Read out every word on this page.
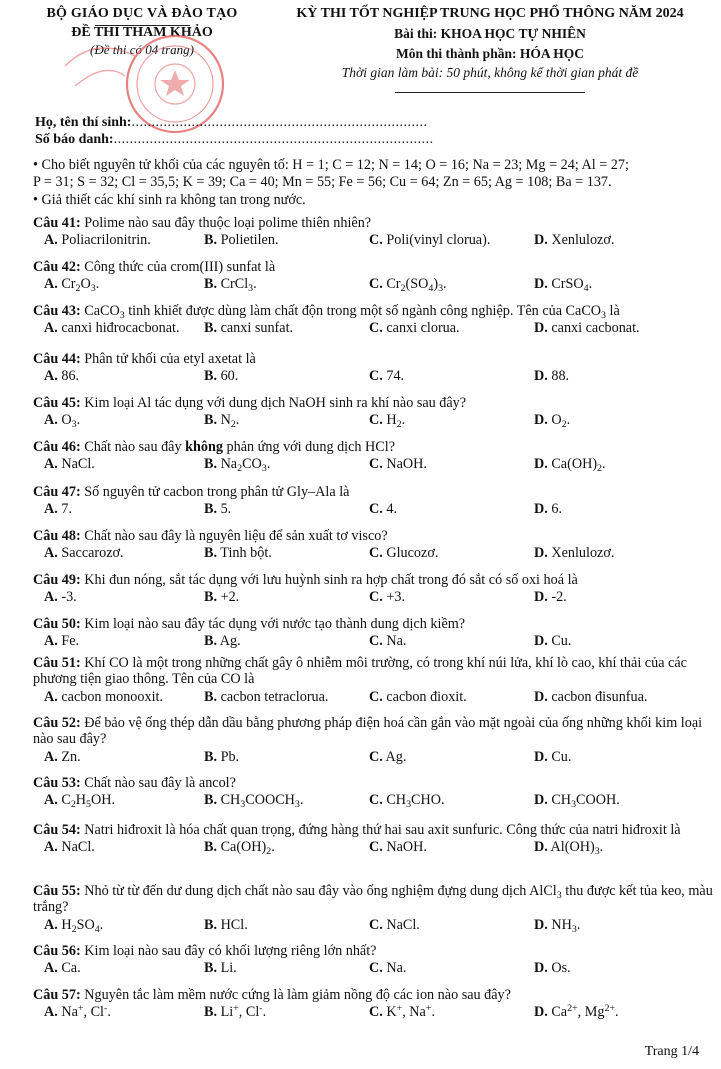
BỘ GIÁO DỤC VÀ ĐÀO TẠO
ĐỀ THI THAM KHẢO
(Đề thi có 04 trang)
KỲ THI TỐT NGHIỆP TRUNG HỌC PHỔ THÔNG NĂM 2024
Bài thi: KHOA HỌC TỰ NHIÊN
Môn thi thành phần: HÓA HỌC
Thời gian làm bài: 50 phút, không kể thời gian phát đề
Họ, tên thí sinh:..........................................................................
Số báo danh:................................................................................
• Cho biết nguyên tử khối của các nguyên tố: H = 1; C = 12; N = 14; O = 16; Na = 23; Mg = 24; Al = 27;
P = 31; S = 32; Cl = 35,5; K = 39; Ca = 40; Mn = 55; Fe = 56; Cu = 64; Zn = 65; Ag = 108; Ba = 137.
• Giả thiết các khí sinh ra không tan trong nước.
Câu 41: Polime nào sau đây thuộc loại polime thiên nhiên?
A. Poliacrilonitrin.	B. Polietilen.	C. Poli(vinyl clorua).	D. Xenlulozơ.
Câu 42: Công thức của crom(III) sunfat là
A. $Cr_2O_3$.	B. CrCl$_3$.	C. $Cr_2(SO_4)_3$.	D. CrSO$_4$.
Câu 43: CaCO$_3$ tinh khiết được dùng làm chất độn trong một số ngành công nghiệp. Tên của CaCO$_3$ là
A. canxi hiđrocacbonat. B. canxi sunfat.	C. canxi clorua.	D. canxi cacbonat.
Câu 44: Phân tử khối của etyl axetat là
A. 86.	B. 60.	C. 74.	D. 88.
Câu 45: Kim loại Al tác dụng với dung dịch NaOH sinh ra khí nào sau đây?
A. $O_3$.	B. $N_2$.	C. $H_2$.	D. $O_2$.
Câu 46: Chất nào sau đây không phản ứng với dung dịch HCl?
A. NaCl.	B. $Na_2CO_3$.	C. NaOH.	D. $Ca(OH)_2$.
Câu 47: Số nguyên tử cacbon trong phân tử Gly–Ala là
A. 7.	B. 5.	C. 4.	D. 6.
Câu 48: Chất nào sau đây là nguyên liệu để sản xuất tơ visco?
A. Saccarozơ.	B. Tinh bột.	C. Glucozơ.	D. Xenlulozơ.
Câu 49: Khi đun nóng, sắt tác dụng với lưu huỳnh sinh ra hợp chất trong đó sắt có số oxi hoá là
A. -3.	B. +2.	C. +3.	D. -2.
Câu 50: Kim loại nào sau đây tác dụng với nước tạo thành dung dịch kiềm?
A. Fe.	B. Ag.	C. Na.	D. Cu.
Câu 51: Khí CO là một trong những chất gây ô nhiễm môi trường, có trong khí núi lửa, khí lò cao, khí thải của các phương tiện giao thông. Tên của CO là
A. cacbon monooxit.	B. cacbon tetraclorua.	C. cacbon đioxit.	D. cacbon đisunfua.
Câu 52: Để bảo vệ ống thép dẫn dầu bằng phương pháp điện hoá cần gắn vào mặt ngoài của ống những khối kim loại nào sau đây?
A. Zn.	B. Pb.	C. Ag.	D. Cu.
Câu 53: Chất nào sau đây là ancol?
A. $C_2H_5OH$.	B. $CH_3COOCH_3$.	C. $CH_3CHO$.	D. $CH_3COOH$.
Câu 54: Natri hiđroxit là hóa chất quan trọng, đứng hàng thứ hai sau axit sunfuric. Công thức của natri hiđroxit là
A. NaCl.	B. $Ca(OH)_2$.	C. NaOH.	D. $Al(OH)_3$.
Câu 55: Nhỏ từ từ đến dư dung dịch chất nào sau đây vào ống nghiệm đựng dung dịch AlCl$_3$ thu được kết tủa keo, màu trắng?
A. $H_2SO_4$.	B. HCl.	C. NaCl.	D. $NH_3$.
Câu 56: Kim loại nào sau đây có khối lượng riêng lớn nhất?
A. Ca.	B. Li.	C. Na.	D. Os.
Câu 57: Nguyên tắc làm mềm nước cứng là làm giảm nồng độ các ion nào sau đây?
A. Na+, Cl-.	B. Li+, Cl-.	C. K+, Na+.	D. $Ca^{2+}$, $Mg^{2+}$.
Trang 1/4
